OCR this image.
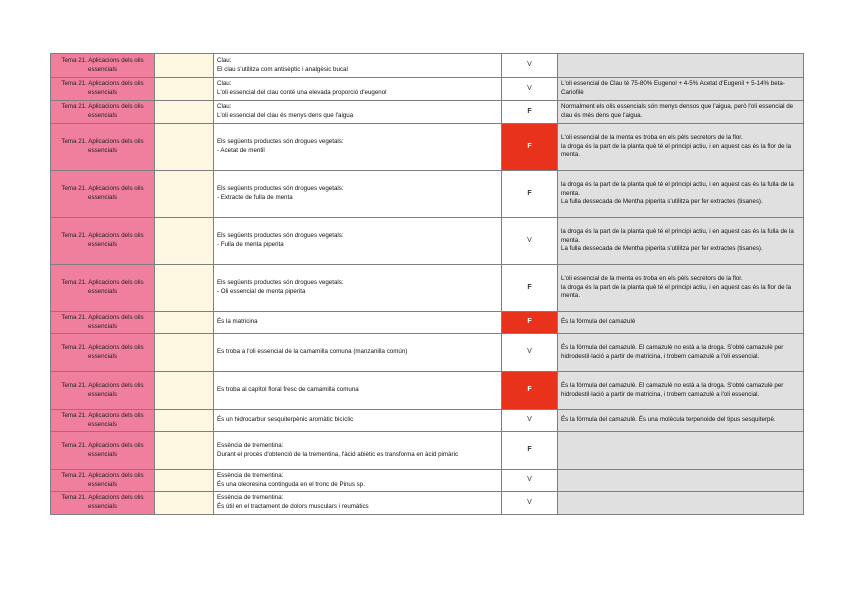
Tema 21. Aplicacions dels olis essencials		Clau:
El clau s'utilitza com antisèptic i analgèsic bucal	V	
Tema 21. Aplicacions dels olis essencials		Clau:
L'oli essencial del clau conté una elevada proporció d'eugenol	V	L'oli essencial de Clau té 75-80% Eugenol + 4-5% Acetat d'Eugenil + 5-14% beta-Cariofilè
Tema 21. Aplicacions dels olis essencials		Clau:
L'oli essencial del clau és menys dens que l'aigua	F	Normalment els olis essencials són menys densos que l'aigua, però l'oli essencial de clau és més dens que l'aigua.
Tema 21. Aplicacions dels olis essencials		Els següents productes són drogues vegetals:
- Acetat de mentil	F	L'oli essencial de la menta es troba en els pèls secretors de la flor.
la droga és la part de la planta què té el principi actiu, i en aquest cas és la flor de la menta.
Tema 21. Aplicacions dels olis essencials		Els següents productes són drogues vegetals:
- Extracte de fulla de menta	F	la droga és la part de la planta què té el principi actiu, i en aquest cas és la fulla de la menta.
La fulla dessecada de Mentha piperita s'utilitza per fer extractes (tisanes).
Tema 21. Aplicacions dels olis essencials		Els següents productes són drogues vegetals:
- Fulla de menta piperita	V	la droga és la part de la planta què té el principi actiu, i en aquest cas és la fulla de la menta.
La fulla dessecada de Mentha piperita s'utilitza per fer extractes (tisanes).
Tema 21. Aplicacions dels olis essencials		Els següents productes són drogues vegetals:
- Oli essencial de menta piperita	F	L'oli essencial de la menta es troba en els pèls secretors de la flor.
la droga és la part de la planta què té el principi actiu, i en aquest cas és la flor de la menta.
Tema 21. Aplicacions dels olis essencials		És la matricina	F	És la fórmula del camazulè
Tema 21. Aplicacions dels olis essencials		Es troba a l'oli essencial de la camamilla comuna (manzanilla común)	V	És la fórmula del camazulè. El camazulè no està a la droga. S'obté camazulè per hidrodestil·lació a partir de matricina, i trobem camazulè a l'oli essencial.
Tema 21. Aplicacions dels olis essencials		Es troba al capítol floral fresc de camamilla comuna	F	És la fórmula del camazulè. El camazulè no està a la droga. S'obté camazulè per hidrodestil·lació a partir de matricina, i trobem camazulè a l'oli essencial.
Tema 21. Aplicacions dels olis essencials		És un hidrocarbur sesquiterpènic aromàtic bicíclic	V	És la fórmula del camazulè. És una molècula terpenoide del tipus sesquiterpè.
Tema 21. Aplicacions dels olis essencials		Essència de trementina:
Durant el procés d'obtenció de la trementina, l'àcid abiètic es transforma en àcid pimàric	F	
Tema 21. Aplicacions dels olis essencials		Essència de trementina:
És una oleoresina continguda en el tronc de Pinus sp.	V	
Tema 21. Aplicacions dels olis essencials		Essència de trementina:
És útil en el tractament de dolors musculars i reumàtics	V	
